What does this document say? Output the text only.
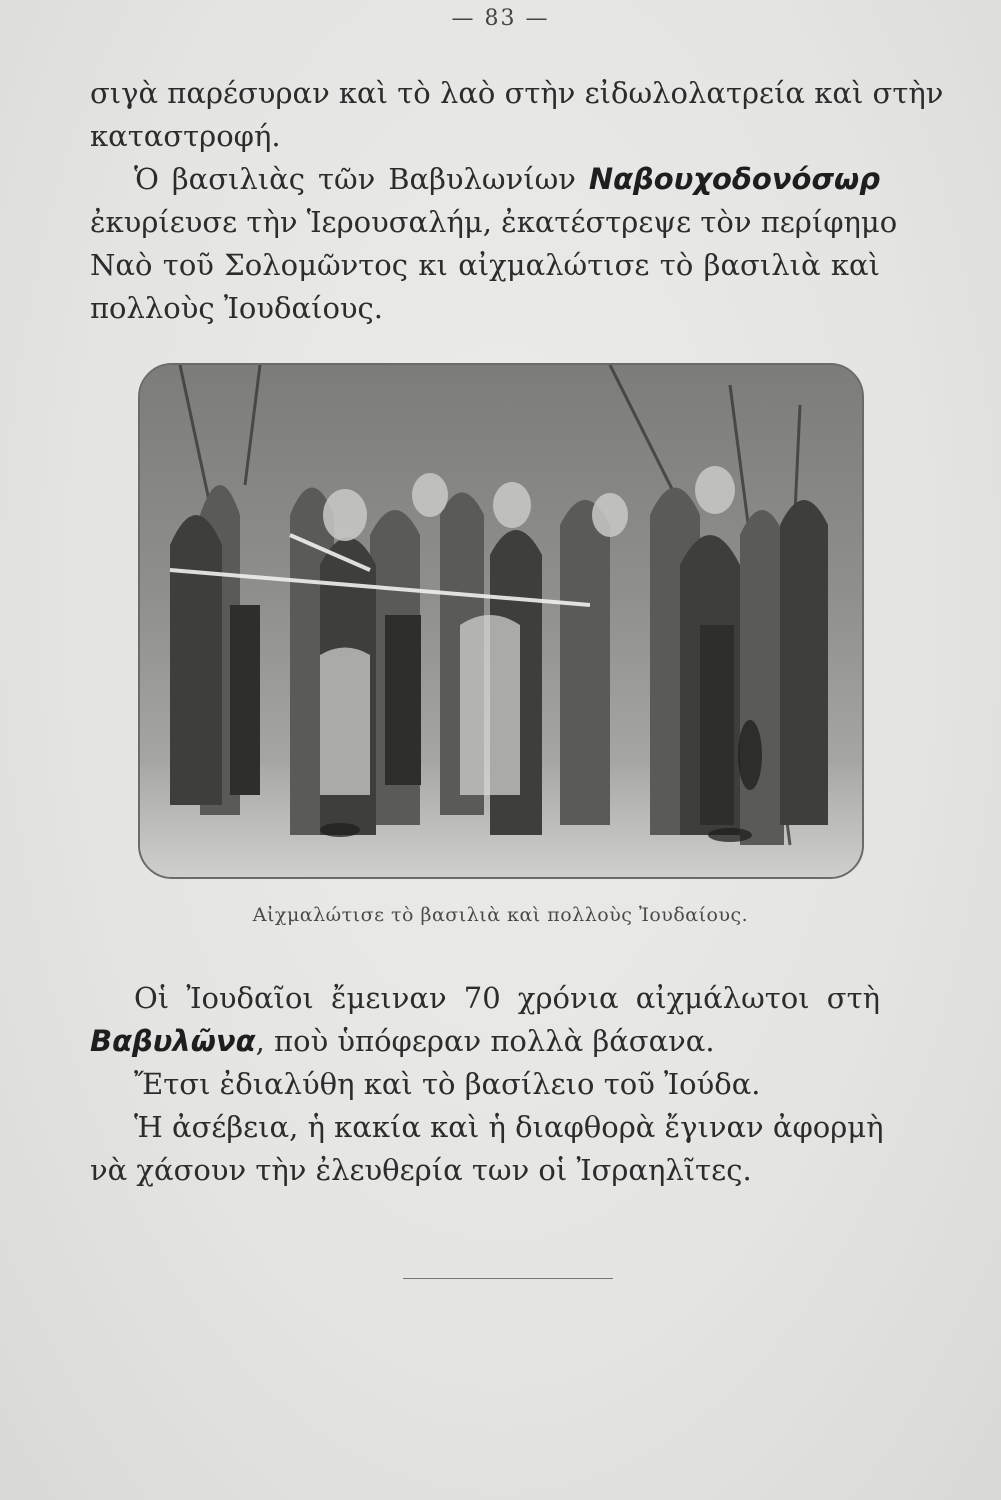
— 83 —

σιγὰ παρέσυραν καὶ τὸ λαὸ στὴν εἰδωλολατρεία καὶ στὴν
καταστροφή.

Ὁ βασιλιὰς τῶν Βαβυλωνίων Ναβουχοδονόσωρ
ἐκυρίευσε τὴν Ἱερουσαλήμ, ἐκατέστρεψε τὸν περίφημο
Ναὸ τοῦ Σολομῶντος κι αἰχμαλώτισε τὸ βασιλιὰ καὶ
πολλοὺς Ἰουδαίους.

Αἰχμαλώτισε τὸ βασιλιὰ καὶ πολλοὺς Ἰουδαίους.

Οἱ Ἰουδαῖοι ἔμειναν 70 χρόνια αἰχμάλωτοι στὴ
Βαβυλῶνα, ποὺ ὑπόφεραν πολλὰ βάσανα.

Ἔτσι ἐδιαλύθη καὶ τὸ βασίλειο τοῦ Ἰούδα.

Ἡ ἀσέβεια, ἡ κακία καὶ ἡ διαφθορὰ ἔγιναν ἀφορμὴ
νὰ χάσουν τὴν ἐλευθερία των οἱ Ἰσραηλῖτες.
